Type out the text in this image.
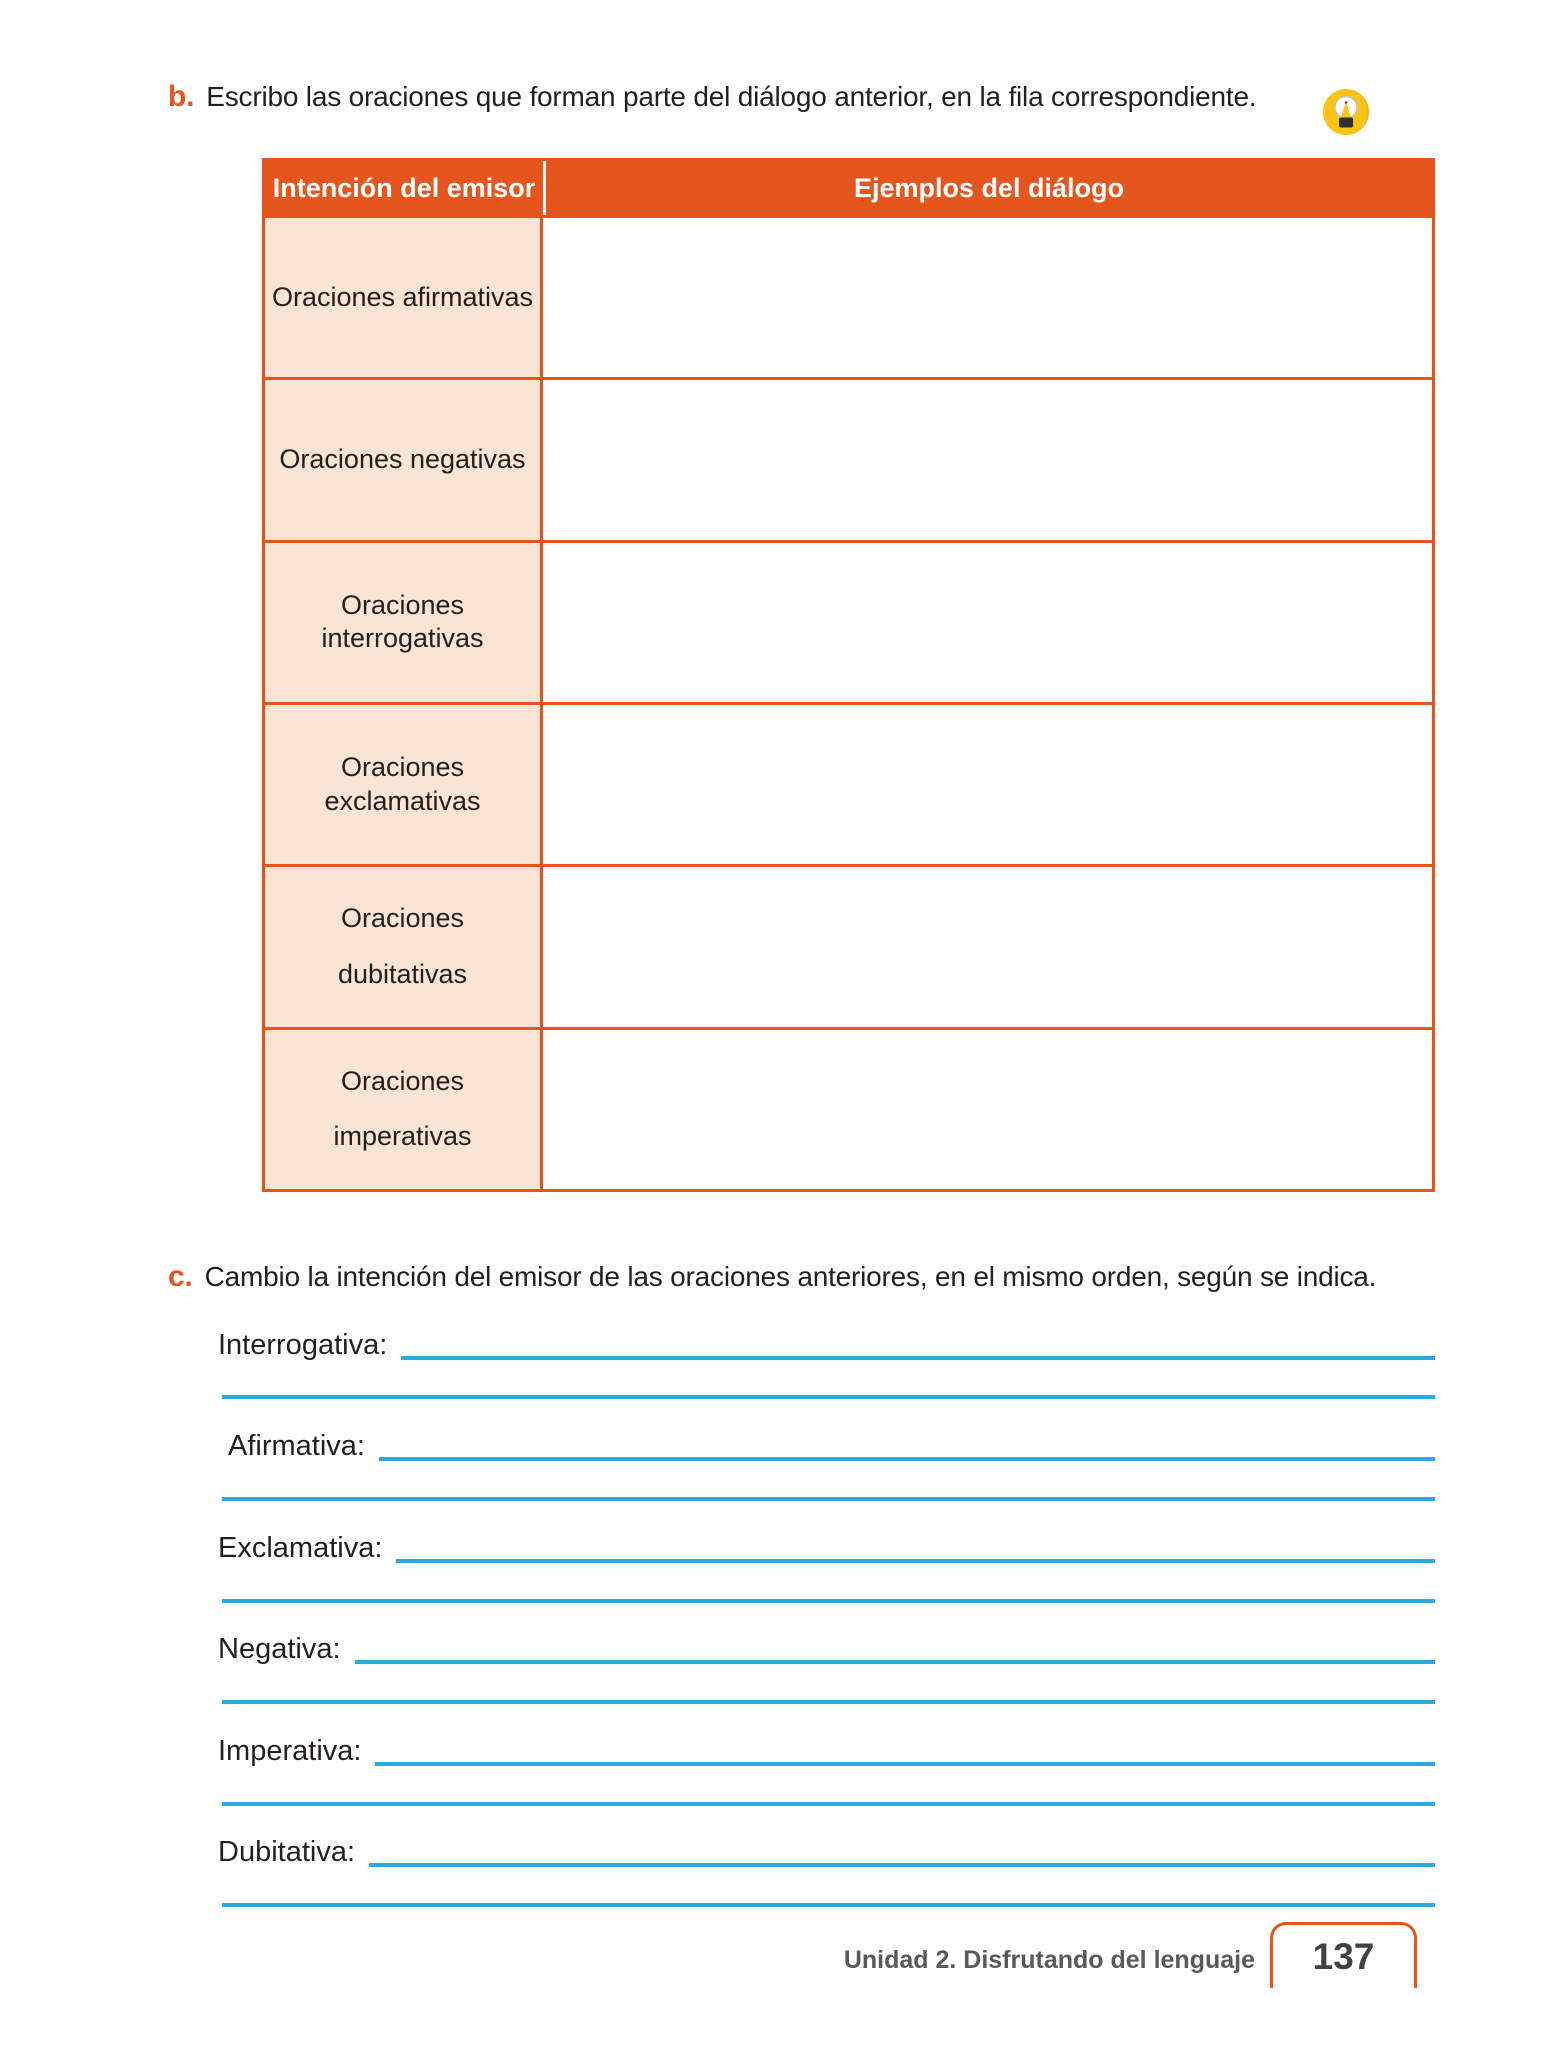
b. Escribo las oraciones que forman parte del diálogo anterior, en la fila correspondiente.
Intención del emisor	Ejemplos del diálogo
Oraciones afirmativas
Oraciones negativas
Oraciones
interrogativas
Oraciones
exclamativas
Oraciones
dubitativas
Oraciones
imperativas
c. Cambio la intención del emisor de las oraciones anteriores, en el mismo orden, según se indica.
Interrogativa:
Afirmativa:
Exclamativa:
Negativa:
Imperativa:
Dubitativa:
Unidad 2. Disfrutando del lenguaje 137
